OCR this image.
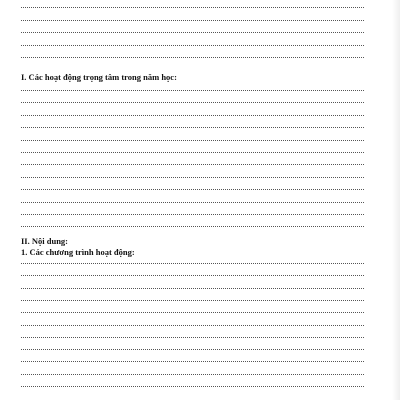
I. Các hoạt động trọng tâm trong năm học:
II. Nội dung:
1. Các chương trình hoạt động:
